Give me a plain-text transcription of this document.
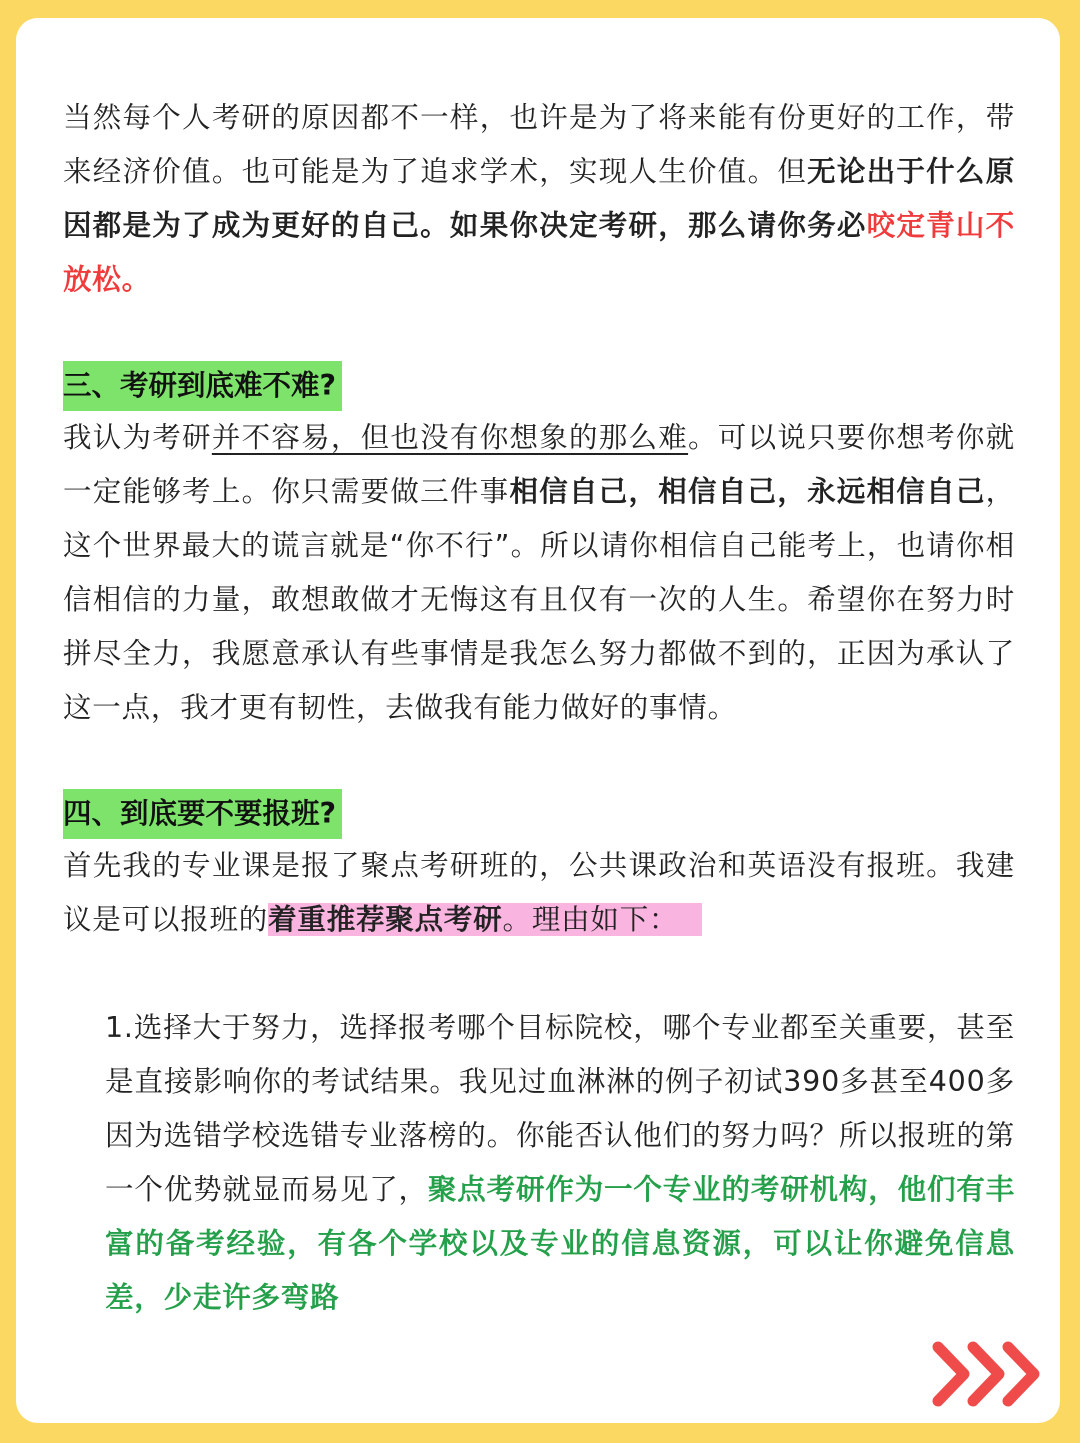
当然每个人考研的原因都不一样，也许是为了将来能有份更好的工作，带来经济价值。也可能是为了追求学术，实现人生价值。但无论出于什么原因都是为了成为更好的自己。如果你决定考研，那么请你务必咬定青山不放松。

三、考研到底难不难?

我认为考研并不容易，但也没有你想象的那么难。可以说只要你想考你就一定能够考上。你只需要做三件事相信自己，相信自己，永远相信自己，这个世界最大的谎言就是“你不行”。所以请你相信自己能考上，也请你相信相信的力量，敢想敢做才无悔这有且仅有一次的人生。希望你在努力时拼尽全力，我愿意承认有些事情是我怎么努力都做不到的，正因为承认了这一点，我才更有韧性，去做我有能力做好的事情。

四、到底要不要报班?

首先我的专业课是报了聚点考研班的，公共课政治和英语没有报班。我建议是可以报班的着重推荐聚点考研。理由如下：

1.选择大于努力，选择报考哪个目标院校，哪个专业都至关重要，甚至是直接影响你的考试结果。我见过血淋淋的例子初试390多甚至400多因为选错学校选错专业落榜的。你能否认他们的努力吗？所以报班的第一个优势就显而易见了，聚点考研作为一个专业的考研机构，他们有丰富的备考经验，有各个学校以及专业的信息资源，可以让你避免信息差，少走许多弯路
